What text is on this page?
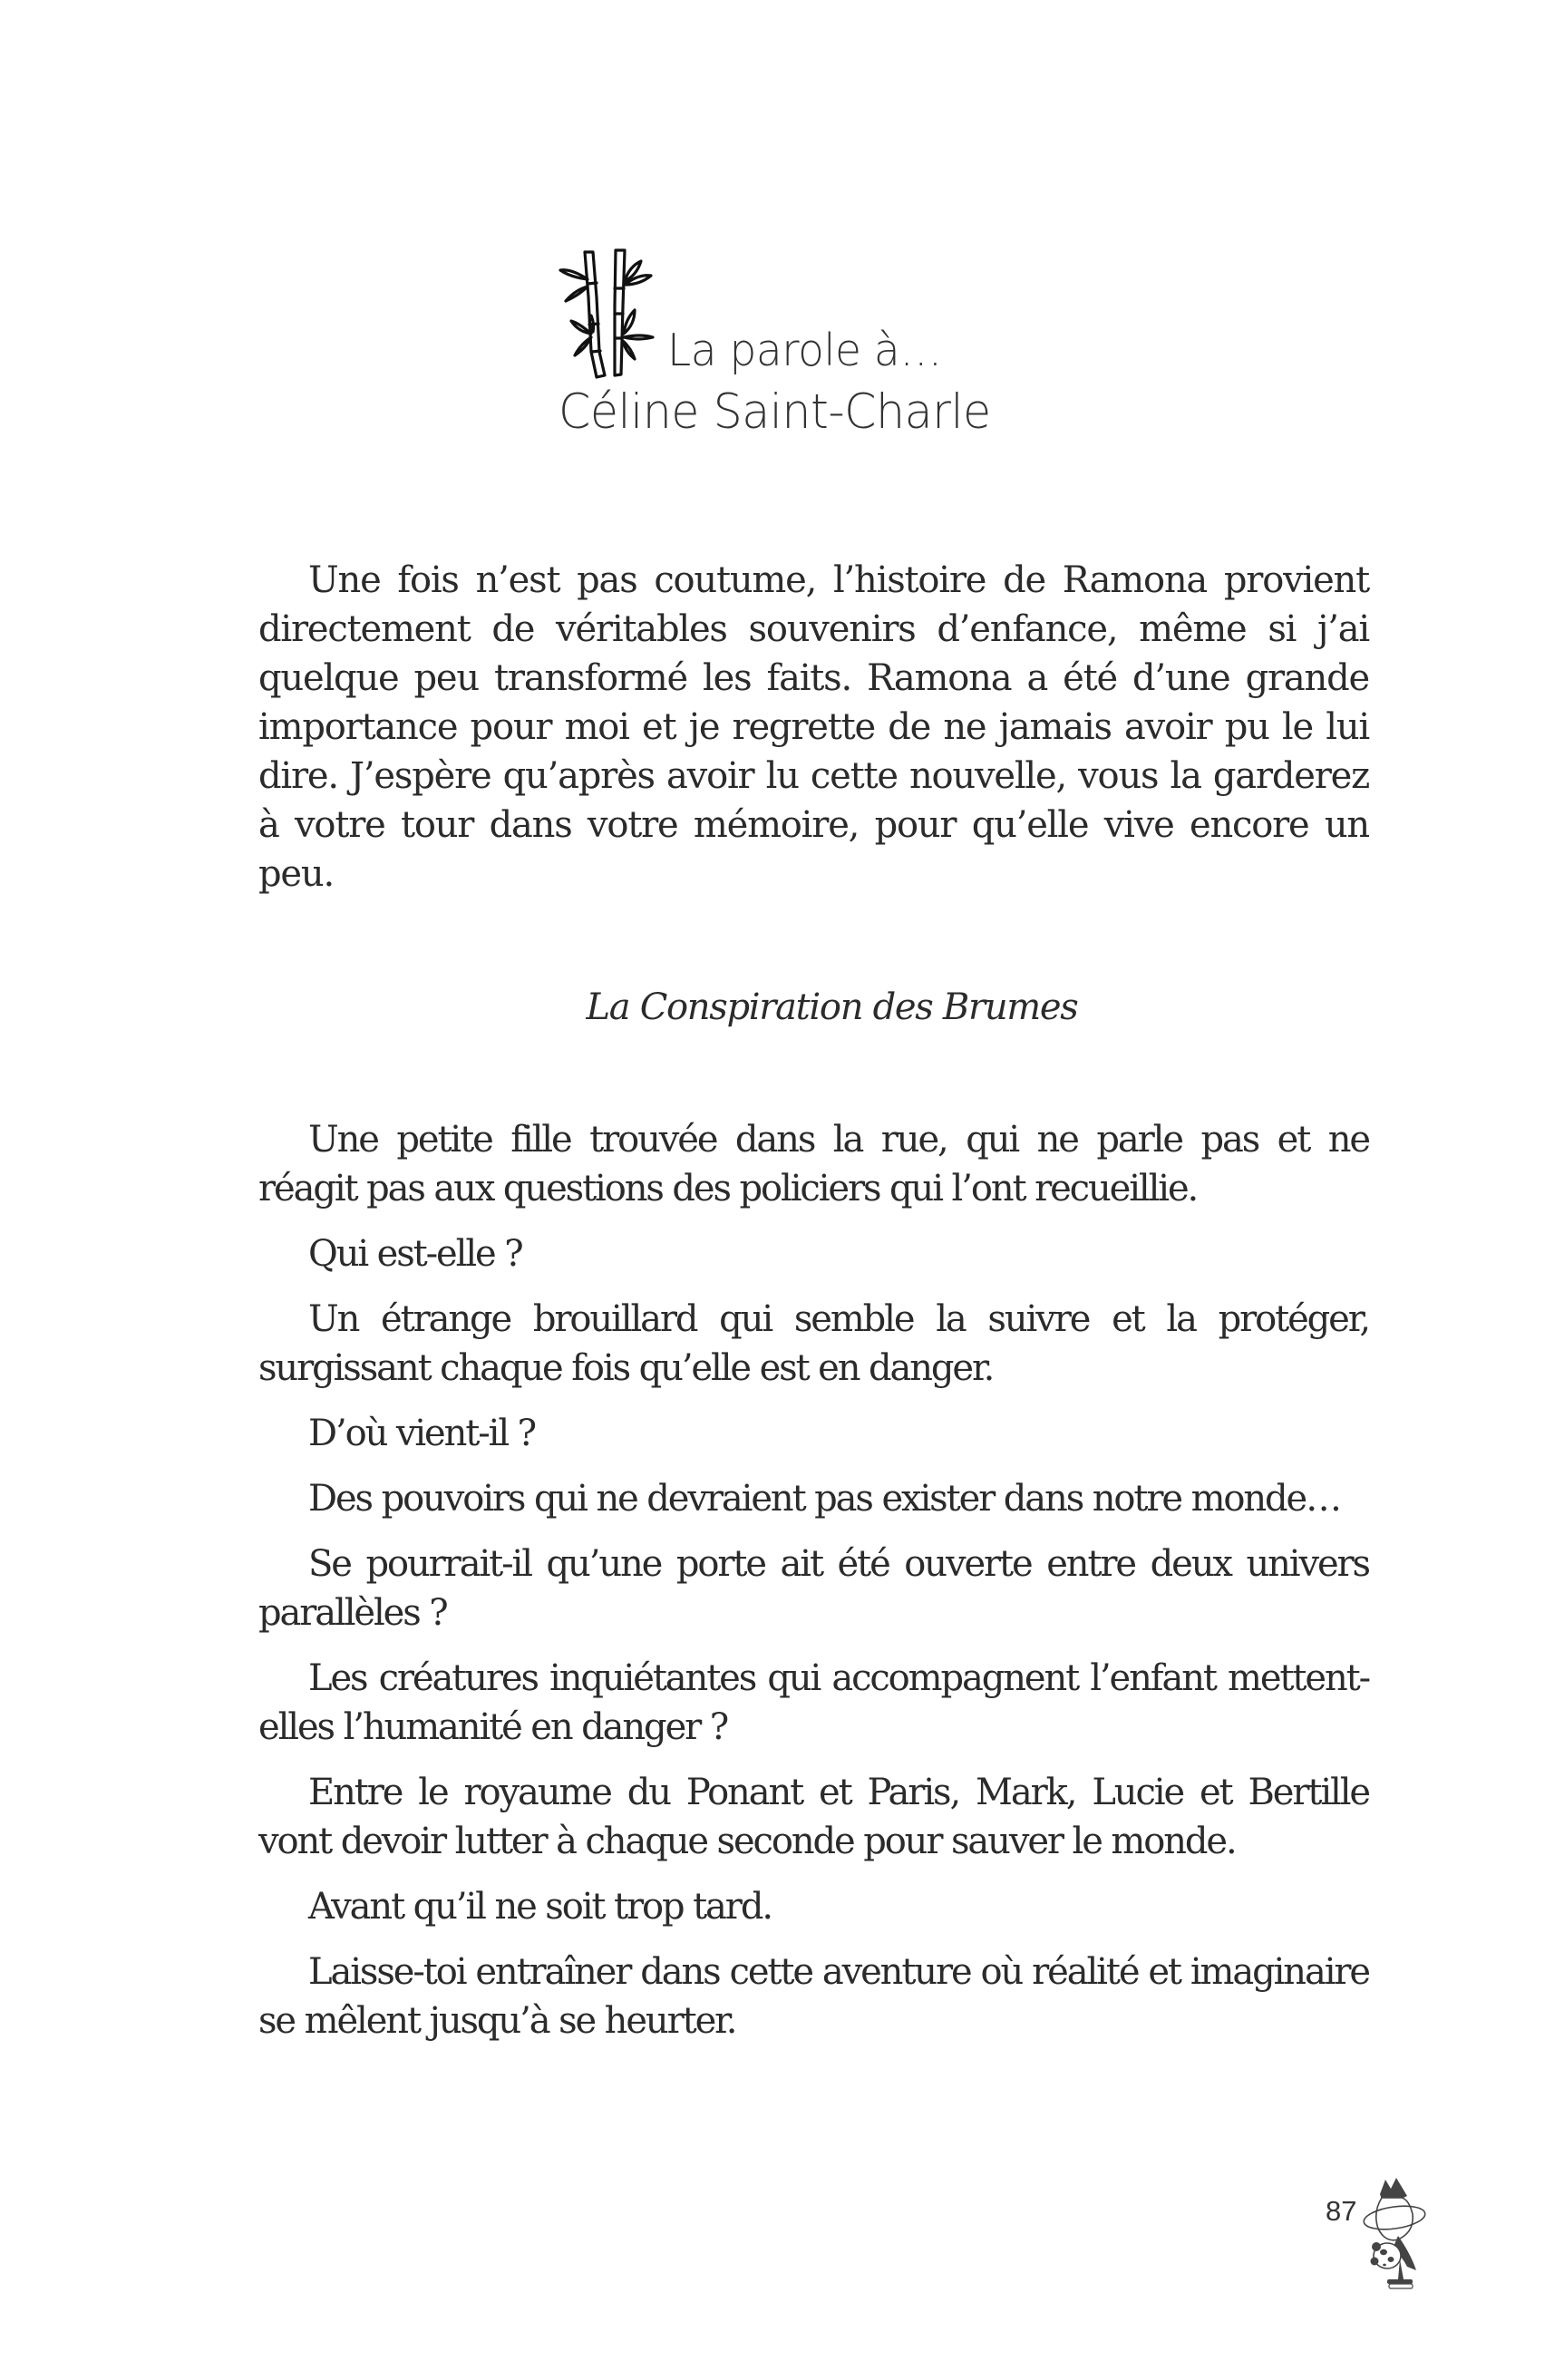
La parole à…
Céline Saint-Charle

Une fois n’est pas coutume, l’histoire de Ramona provient directement de véritables souvenirs d’enfance, même si j’ai quelque peu transformé les faits. Ramona a été d’une grande importance pour moi et je regrette de ne jamais avoir pu le lui dire. J’espère qu’après avoir lu cette nouvelle, vous la garderez à votre tour dans votre mémoire, pour qu’elle vive encore un peu.

La Conspiration des Brumes

Une petite fille trouvée dans la rue, qui ne parle pas et ne réagit pas aux questions des policiers qui l’ont recueillie.

Qui est-elle ?

Un étrange brouillard qui semble la suivre et la protéger, surgissant chaque fois qu’elle est en danger.

D’où vient-il ?

Des pouvoirs qui ne devraient pas exister dans notre monde…

Se pourrait-il qu’une porte ait été ouverte entre deux univers parallèles ?

Les créatures inquiétantes qui accompagnent l’enfant mettent-elles l’humanité en danger ?

Entre le royaume du Ponant et Paris, Mark, Lucie et Bertille vont devoir lutter à chaque seconde pour sauver le monde.

Avant qu’il ne soit trop tard.

Laisse-toi entraîner dans cette aventure où réalité et imaginaire se mêlent jusqu’à se heurter.

87
